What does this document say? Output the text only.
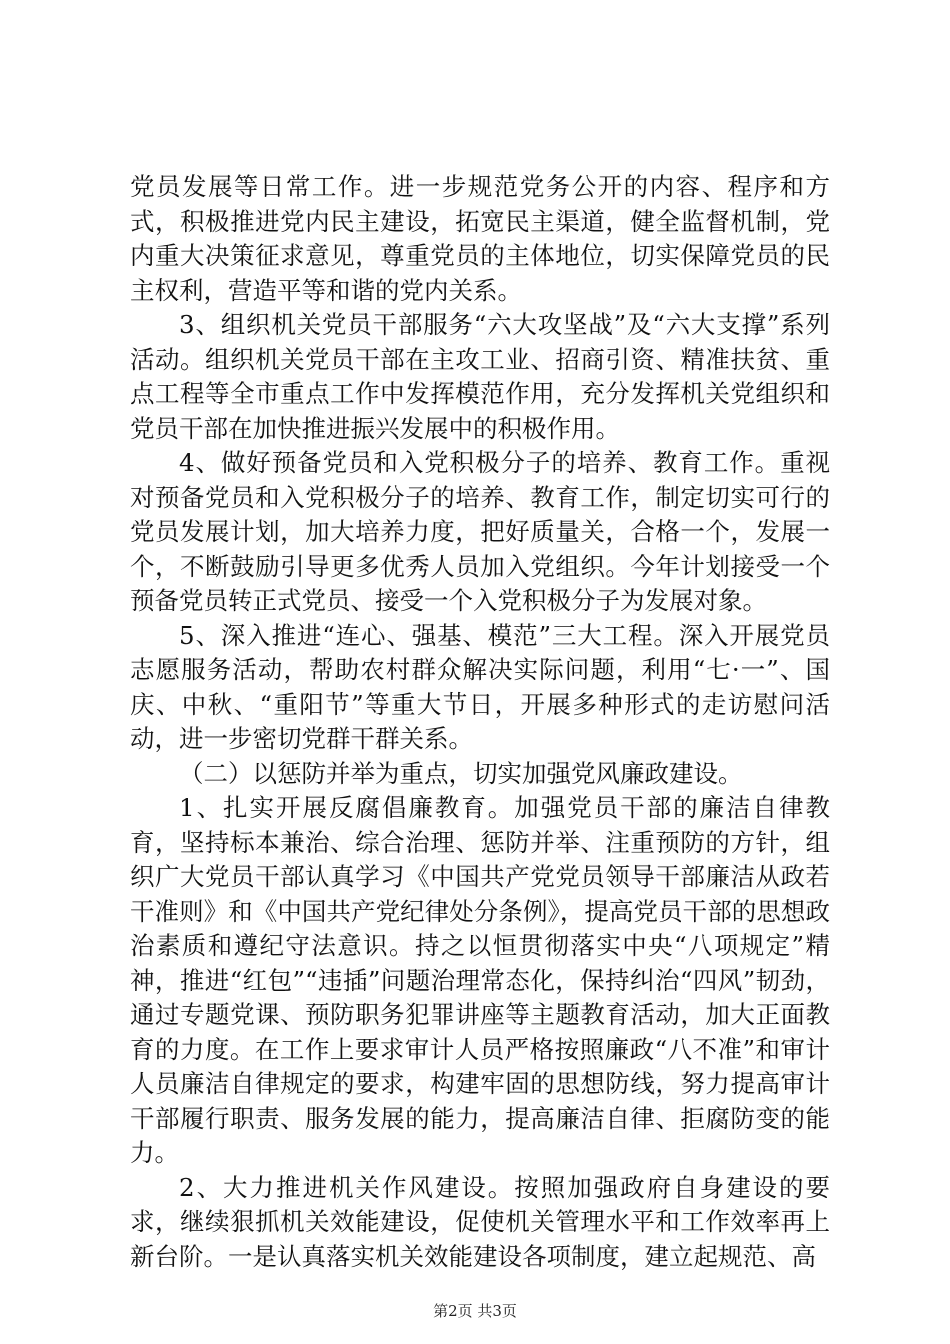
党员发展等日常工作。进一步规范党务公开的内容、程序和方式，积极推进党内民主建设，拓宽民主渠道，健全监督机制，党内重大决策征求意见，尊重党员的主体地位，切实保障党员的民主权利，营造平等和谐的党内关系。

3、组织机关党员干部服务“六大攻坚战”及“六大支撑”系列活动。组织机关党员干部在主攻工业、招商引资、精准扶贫、重点工程等全市重点工作中发挥模范作用，充分发挥机关党组织和党员干部在加快推进振兴发展中的积极作用。

4、做好预备党员和入党积极分子的培养、教育工作。重视对预备党员和入党积极分子的培养、教育工作，制定切实可行的党员发展计划，加大培养力度，把好质量关，合格一个，发展一个，不断鼓励引导更多优秀人员加入党组织。今年计划接受一个预备党员转正式党员、接受一个入党积极分子为发展对象。

5、深入推进“连心、强基、模范”三大工程。深入开展党员志愿服务活动，帮助农村群众解决实际问题，利用“七·一”、国庆、中秋、“重阳节”等重大节日，开展多种形式的走访慰问活动，进一步密切党群干群关系。

（二）以惩防并举为重点，切实加强党风廉政建设。

1、扎实开展反腐倡廉教育。加强党员干部的廉洁自律教育，坚持标本兼治、综合治理、惩防并举、注重预防的方针，组织广大党员干部认真学习《中国共产党党员领导干部廉洁从政若干准则》和《中国共产党纪律处分条例》，提高党员干部的思想政治素质和遵纪守法意识。持之以恒贯彻落实中央“八项规定”精神，推进“红包”“违插”问题治理常态化，保持纠治“四风”韧劲，通过专题党课、预防职务犯罪讲座等主题教育活动，加大正面教育的力度。在工作上要求审计人员严格按照廉政“八不准”和审计人员廉洁自律规定的要求，构建牢固的思想防线，努力提高审计干部履行职责、服务发展的能力，提高廉洁自律、拒腐防变的能力。

2、大力推进机关作风建设。按照加强政府自身建设的要求，继续狠抓机关效能建设，促使机关管理水平和工作效率再上新台阶。一是认真落实机关效能建设各项制度，建立起规范、高

第2页 共3页
